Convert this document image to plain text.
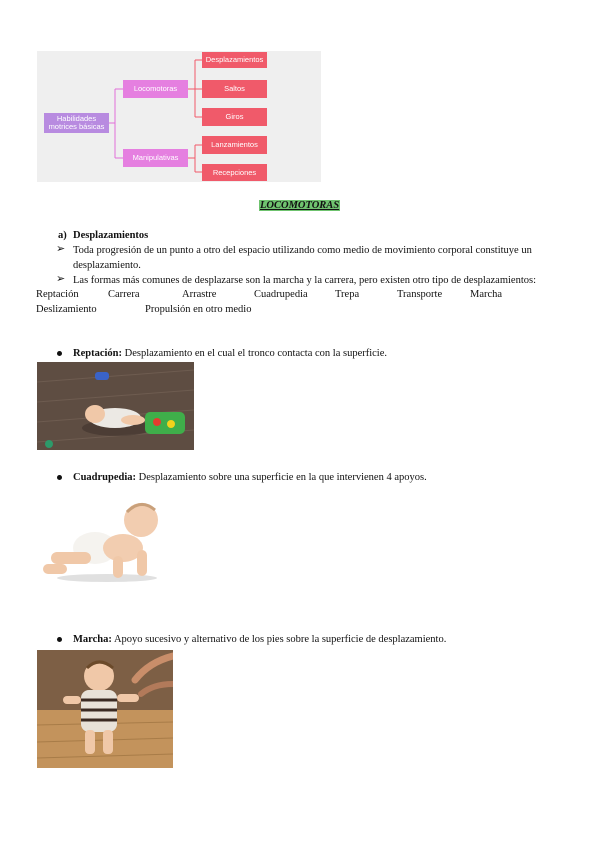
Habilidades motrices básicas
Locomotoras
Manipulativas
Desplazamientos
Saltos
Giros
Lanzamientos
Recepciones
LOCOMOTORAS
a) Desplazamientos
➢ Toda progresión de un punto a otro del espacio utilizando como medio de movimiento corporal constituye un
desplazamiento.
➢ Las formas más comunes de desplazarse son la marcha y la carrera, pero existen otro tipo de desplazamientos:
Reptación	Carrera	Arrastre	Cuadrupedia	Trepa	Transporte	Marcha
Deslizamiento	Propulsión en otro medio
Reptación: Desplazamiento en el cual el tronco contacta con la superficie.
Cuadrupedia: Desplazamiento sobre una superficie en la que intervienen 4 apoyos.
Marcha: Apoyo sucesivo y alternativo de los pies sobre la superficie de desplazamiento.
